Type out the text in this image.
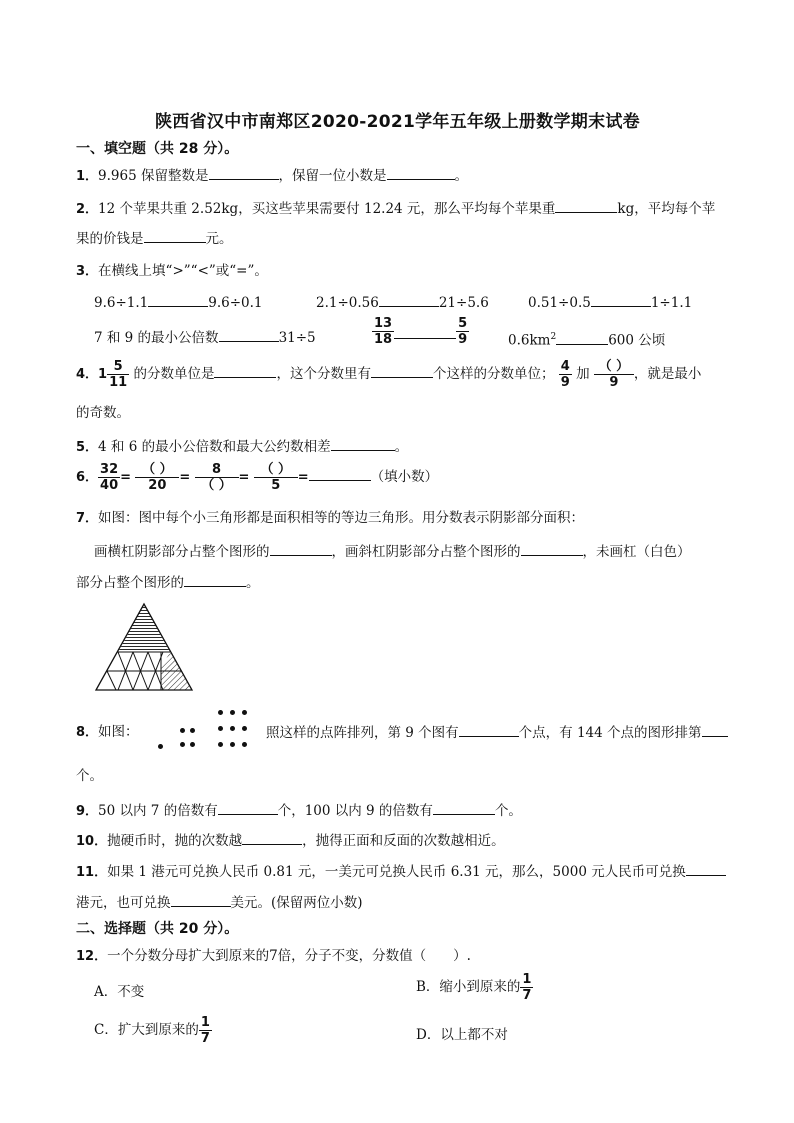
陕西省汉中市南郑区2020-2021学年五年级上册数学期末试卷
一、填空题（共 28 分）。
1．9.965 保留整数是	，保留一位小数是	。
2．12 个苹果共重 2.52kg，买这些苹果需要付 12.24 元，那么平均每个苹果重	kg，平均每个苹
果的价钱是	元。
3．在横线上填“>”“<”或“=”。
9.6÷1.1	9.6÷0.1	2.1÷0.56	21÷5.6	0.51÷0.5	1÷1.1
7 和 9 的最小公倍数	31÷5	$\frac{13}{18}$	$\frac{5}{9}$	$0.6km^2$	600 公顷
4．$1 \frac{5}{11}$ 的分数单位是	，这个分数里有	个这样的分数单位； $\frac{4}{9}$ 加 $\frac{( )}{9}$ ，就是最小
的奇数。
5．4 和 6 的最小公倍数和最大公约数相差	。
6． $\frac{32}{40} = \frac{( )}{20} = \frac{8}{( )} = \frac{( )}{5}$ =	（填小数）
7．如图：图中每个小三角形都是面积相等的等边三角形。用分数表示阴影部分面积：
画横杠阴影部分占整个图形的	，画斜杠阴影部分占整个图形的	，未画杠（白色）
部分占整个图形的	。
8．如图：	照这样的点阵排列，第 9 个图有	个点，有 144 个点的图形排第
个。
9．50 以内 7 的倍数有	个，100 以内 9 的倍数有	个。
10．抛硬币时，抛的次数越	，抛得正面和反面的次数越相近。
11．如果 1 港元可兑换人民币 0.81 元，一美元可兑换人民币 6.31 元，那么，5000 元人民币可兑换
港元，也可兑换	美元。(保留两位小数)
二、选择题（共 20 分）。
12．一个分数分母扩大到原来的7倍，分子不变，分数值（　　）.
A．不变	B．缩小到原来的 $\frac{1}{7}$
C．扩大到原来的 $\frac{1}{7}$	D．以上都不对
